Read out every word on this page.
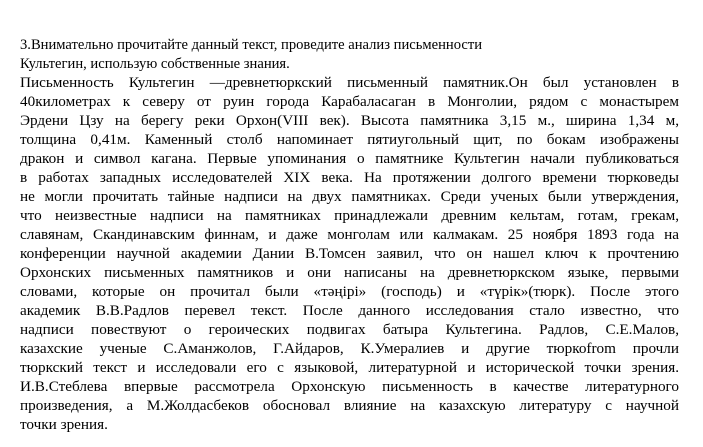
3.Внимательно прочитайте данный текст, проведите анализ письменности
Культегин, использую собственные знания.
Письменность Культегин —древнетюркский письменный памятник.Он был установлен в
40километрах к северу от руин города Карабаласаган в Монголии, рядом с монастырем
Эрдени Цзу на берегу реки Орхон(VIII век). Высота памятника 3,15 м., ширина 1,34 м,
толщина 0,41м. Каменный столб напоминает пятиугольный щит, по бокам изображены
дракон и символ кагана. Первые упоминания о памятнике Культегин начали публиковаться
в работах западных исследователей XIX века. На протяжении долгого времени тюрковеды
не могли прочитать тайные надписи на двух памятниках. Среди ученых были утверждения,
что неизвестные надписи на памятниках принадлежали древним кельтам, готам, грекам,
славянам, Скандинавским финнам, и даже монголам или калмакам. 25 ноября 1893 года на
конференции научной академии Дании В.Томсен заявил, что он нашел ключ к прочтению
Орхонских письменных памятников и они написаны на древнетюркском языке, первыми
словами, которые он прочитал были «тәңірі» (господь) и «түрік»(тюрк). После этого
академик В.В.Радлов перевел текст. После данного исследования стало известно, что
надписи повествуют о героических подвигах батыра Культегина. Радлов, С.Е.Малов,
казахские ученые С.Аманжолов, Г.Айдаров, К.Умералиев и другие тюркоfrom прочли
тюркский текст и исследовали его с языковой, литературной и исторической точки зрения.
И.В.Стеблева впервые рассмотрела Орхонскую письменность в качестве литературного
произведения, а М.Жолдасбеков обосновал влияние на казахскую литературу с научной
точки зрения.
